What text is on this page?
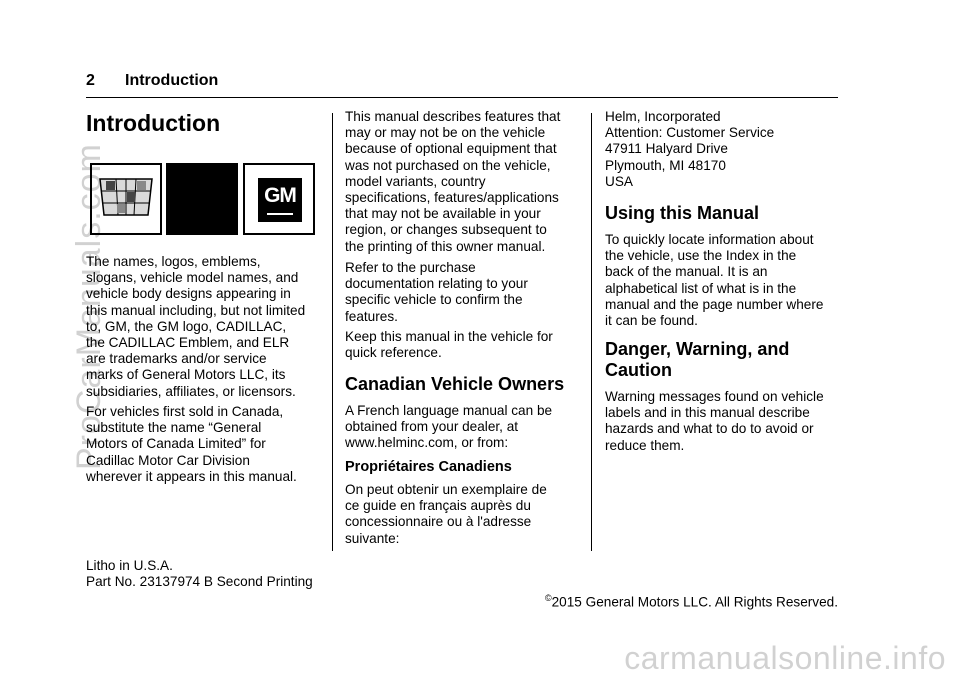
2 Introduction
Introduction
GM
The names, logos, emblems,
slogans, vehicle model names, and
vehicle body designs appearing in
this manual including, but not limited
to, GM, the GM logo, CADILLAC,
the CADILLAC Emblem, and ELR
are trademarks and/or service
marks of General Motors LLC, its
subsidiaries, affiliates, or licensors.
For vehicles first sold in Canada,
substitute the name “General
Motors of Canada Limited” for
Cadillac Motor Car Division
wherever it appears in this manual.
This manual describes features that
may or may not be on the vehicle
because of optional equipment that
was not purchased on the vehicle,
model variants, country
specifications, features/applications
that may not be available in your
region, or changes subsequent to
the printing of this owner manual.
Refer to the purchase
documentation relating to your
specific vehicle to confirm the
features.
Keep this manual in the vehicle for
quick reference.
Canadian Vehicle Owners
A French language manual can be
obtained from your dealer, at
www.helminc.com, or from:
Propriétaires Canadiens
On peut obtenir un exemplaire de
ce guide en français auprès du
concessionnaire ou à l'adresse
suivante:
Helm, Incorporated
Attention: Customer Service
47911 Halyard Drive
Plymouth, MI 48170
USA
Using this Manual
To quickly locate information about
the vehicle, use the Index in the
back of the manual. It is an
alphabetical list of what is in the
manual and the page number where
it can be found.
Danger, Warning, and
Caution
Warning messages found on vehicle
labels and in this manual describe
hazards and what to do to avoid or
reduce them.
Litho in U.S.A.
Part No. 23137974 B Second Printing

©2015 General Motors LLC. All Rights Reserved.

ProCarManuals.com
carmanualsonline.info
